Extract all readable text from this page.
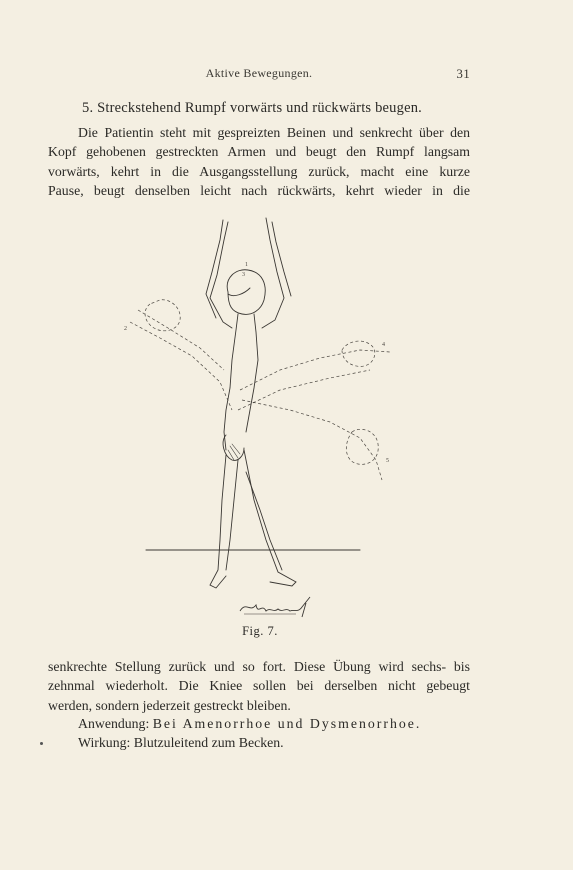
Aktive Bewegungen.	31
5. Streckstehend Rumpf vorwärts und rückwärts beugen.
Die Patientin steht mit gespreizten Beinen und senkrecht über den
Kopf gehobenen gestreckten Armen und beugt den Rumpf langsam
vorwärts, kehrt in die Ausgangsstellung zurück, macht eine kurze
Pause, beugt denselben leicht nach rückwärts, kehrt wieder in die
1
2
3
4
5
Fig. 7.
senkrechte Stellung zurück und so fort. Diese Übung wird sechs- bis
zehnmal wiederholt. Die Kniee sollen bei derselben nicht gebeugt
werden, sondern jederzeit gestreckt bleiben.
Anwendung: Bei Amenorrhoe und Dysmenorrhoe.
Wirkung: Blutzuleitend zum Becken.
